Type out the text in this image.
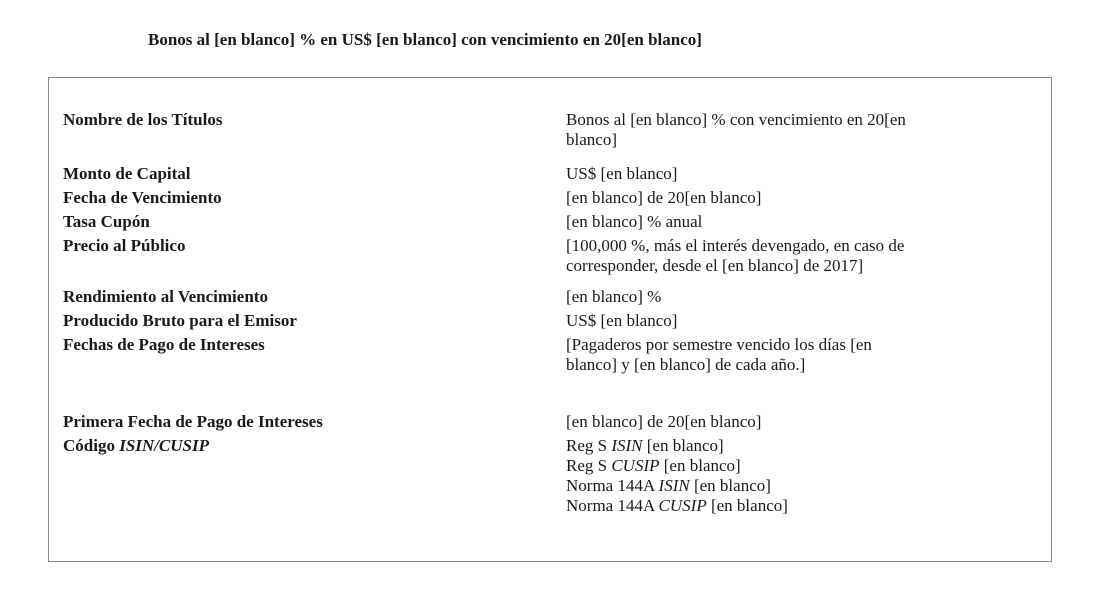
Bonos al [en blanco] % en US$ [en blanco] con vencimiento en 20[en blanco]
Nombre de los Títulos	Bonos al [en blanco] % con vencimiento en 20[en
blanco]
Monto de Capital	US$ [en blanco]
Fecha de Vencimiento	[en blanco] de 20[en blanco]
Tasa Cupón	[en blanco] % anual
Precio al Público	[100,000 %, más el interés devengado, en caso de
corresponder, desde el [en blanco] de 2017]
Rendimiento al Vencimiento	[en blanco] %
Producido Bruto para el Emisor	US$ [en blanco]
Fechas de Pago de Intereses	[Pagaderos por semestre vencido los días [en
blanco] y [en blanco] de cada año.]
Primera Fecha de Pago de Intereses	[en blanco] de 20[en blanco]
Código ISIN/CUSIP	Reg S ISIN [en blanco]
Reg S CUSIP [en blanco]
Norma 144A ISIN [en blanco]
Norma 144A CUSIP [en blanco]
